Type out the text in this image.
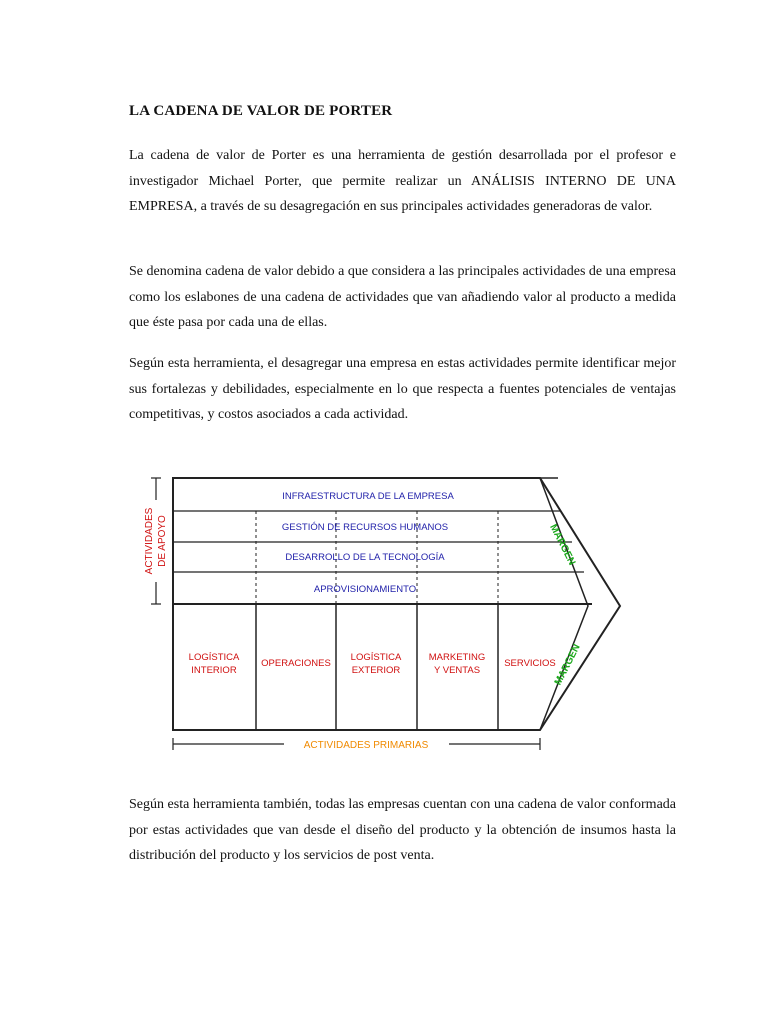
LA CADENA DE VALOR DE PORTER

La cadena de valor de Porter es una herramienta de gestión desarrollada por el profesor e investigador Michael Porter, que permite realizar un ANÁLISIS INTERNO DE UNA EMPRESA, a través de su desagregación en sus principales actividades generadoras de valor.

Se denomina cadena de valor debido a que considera a las principales actividades de una empresa como los eslabones de una cadena de actividades que van añadiendo valor al producto a medida que éste pasa por cada una de ellas.

Según esta herramienta, el desagregar una empresa en estas actividades permite identificar mejor sus fortalezas y debilidades, especialmente en lo que respecta a fuentes potenciales de ventajas competitivas, y costos asociados a cada actividad.

INFRAESTRUCTURA DE LA EMPRESA
GESTIÓN DE RECURSOS HUMANOS
DESARROLLO DE LA TECNOLOGÍA
APROVISIONAMIENTO
LOGÍSTICA
INTERIOR
OPERACIONES
LOGÍSTICA
EXTERIOR
MARKETING
Y VENTAS
SERVICIOS
MARGEN
MARGEN
ACTIVIDADES DE APOYO
ACTIVIDADES PRIMARIAS

Según esta herramienta también, todas las empresas cuentan con una cadena de valor conformada por estas actividades que van desde el diseño del producto y la obtención de insumos hasta la distribución del producto y los servicios de post venta.
